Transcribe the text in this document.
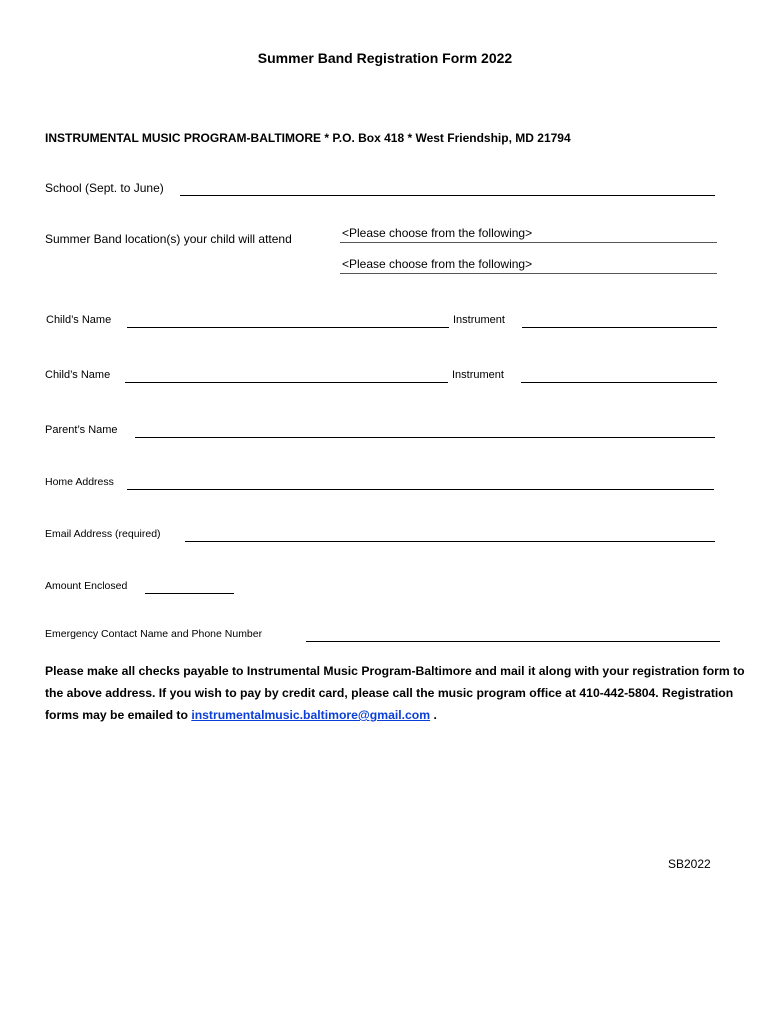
Summer Band Registration Form 2022
INSTRUMENTAL MUSIC PROGRAM-BALTIMORE * P.O. Box 418 * West Friendship, MD 21794
School (Sept. to June)
Summer Band location(s) your child will attend	<Please choose from the following>
<Please choose from the following>
Child’s Name	Instrument
Child’s Name	Instrument
Parent’s Name
Home Address
Email Address (required)
Amount Enclosed
Emergency Contact Name and Phone Number
Please make all checks payable to Instrumental Music Program-Baltimore and mail it along with your registration form to the above address. If you wish to pay by credit card, please call the music program office at 410-442-5804. Registration forms may be emailed to instrumentalmusic.baltimore@gmail.com .
SB2022
